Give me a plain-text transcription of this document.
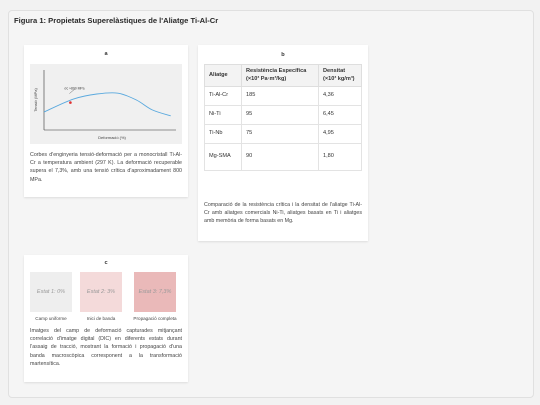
Figura 1: Propietats Superelàstiques de l'Aliatge Ti-Al-Cr
a
Tensió (MPa)
Deformació (%)
σc ≈800 MPa
Corbes d'enginyeria tensió-deformació per a monocristall Ti-Al-Cr a temperatura ambient (297 K). La deformació recuperable supera el 7,3%, amb una tensió crítica d'aproximadament 800 MPa.
b
Aliatge	Resistència Específica (×10³ Pa·m³/kg)	Densitat (×10³ kg/m³)
Ti-Al-Cr	185	4,36
Ni-Ti	95	6,45
Ti-Nb	75	4,95
Mg-SMA	90	1,80
Comparació de la resistència crítica i la densitat de l'aliatge Ti-Al-Cr amb aliatges comercials Ni-Ti, aliatges basats en Ti i aliatges amb memòria de forma basats en Mg.
c
Estat 1: 0%	Estat 2: 3%	Estat 3: 7,3%
Camp uniforme	Inici de banda	Propagació completa
Imatges del camp de deformació capturades mitjançant correlació d'imatge digital (DIC) en diferents estats durant l'assaig de tracció, mostrant la formació i propagació d'una banda macroscòpica corresponent a la transformació martensítica.
